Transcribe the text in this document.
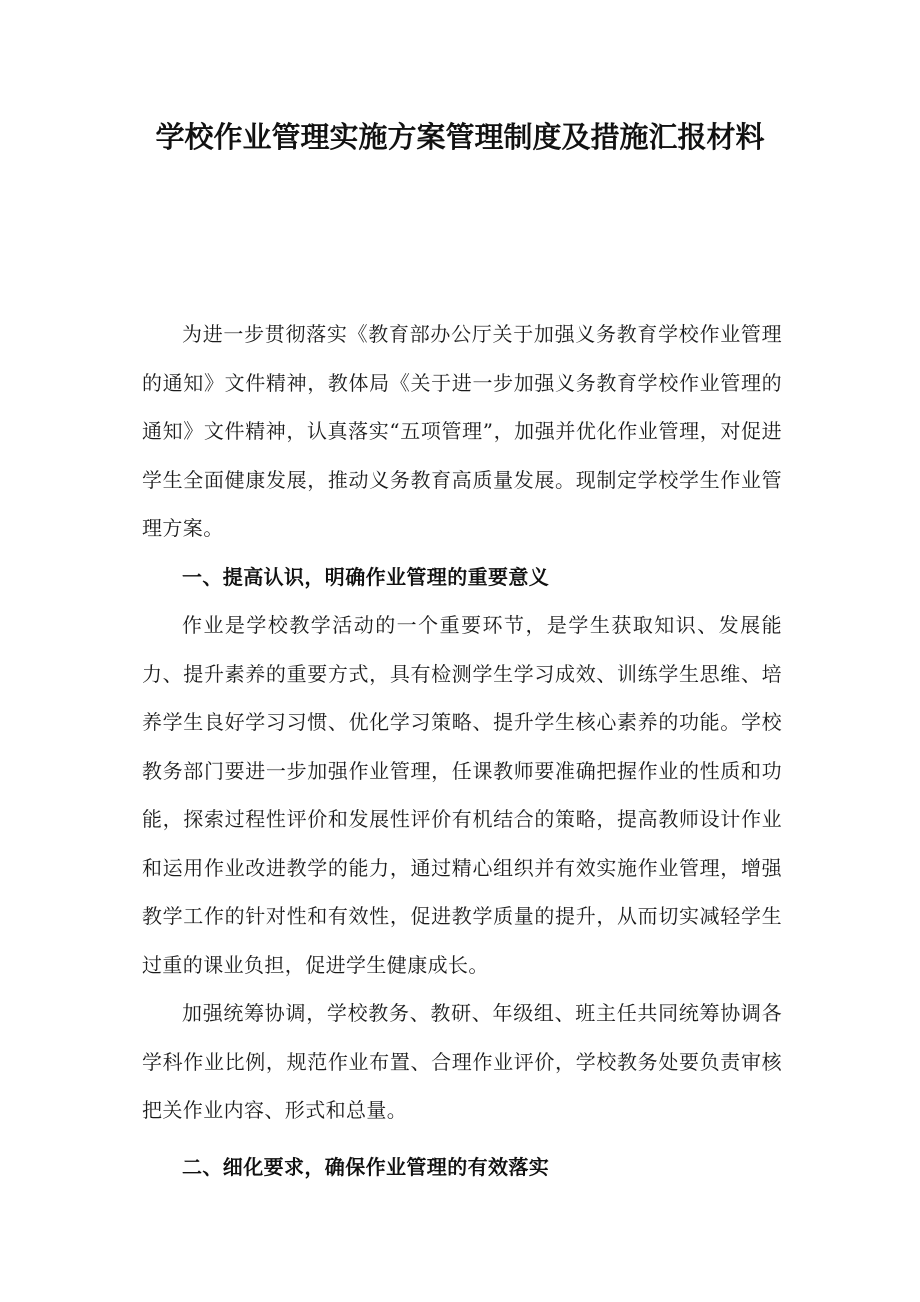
学校作业管理实施方案管理制度及措施汇报材料

为进一步贯彻落实《教育部办公厅关于加强义务教育学校作业管理的通知》文件精神，教体局《关于进一步加强义务教育学校作业管理的通知》文件精神，认真落实“五项管理”，加强并优化作业管理，对促进学生全面健康发展，推动义务教育高质量发展。现制定学校学生作业管理方案。

一、提高认识，明确作业管理的重要意义

作业是学校教学活动的一个重要环节，是学生获取知识、发展能力、提升素养的重要方式，具有检测学生学习成效、训练学生思维、培养学生良好学习习惯、优化学习策略、提升学生核心素养的功能。学校教务部门要进一步加强作业管理，任课教师要准确把握作业的性质和功能，探索过程性评价和发展性评价有机结合的策略，提高教师设计作业和运用作业改进教学的能力，通过精心组织并有效实施作业管理，增强教学工作的针对性和有效性，促进教学质量的提升，从而切实减轻学生过重的课业负担，促进学生健康成长。

加强统筹协调，学校教务、教研、年级组、班主任共同统筹协调各学科作业比例，规范作业布置、合理作业评价，学校教务处要负责审核把关作业内容、形式和总量。

二、细化要求，确保作业管理的有效落实
